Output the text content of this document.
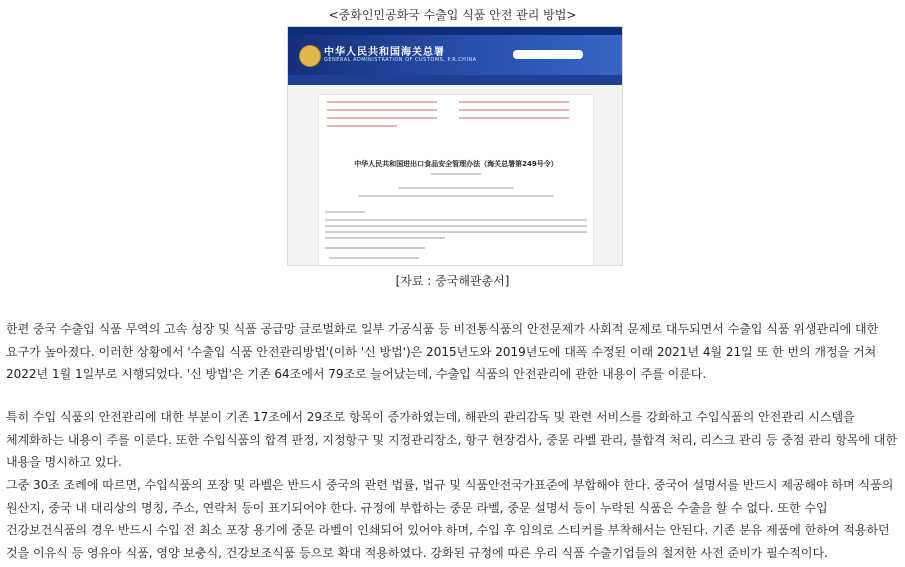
<중화인민공화국 수출입 식품 안전 관리 방법>
中华人民共和国海关总署
GENERAL ADMINISTRATION OF CUSTOMS, P.R.CHINA
中华人民共和国进出口食品安全管理办法（海关总署第249号令）
[자료 : 중국해관총서]

한편 중국 수출입 식품 무역의 고속 성장 및 식품 공급망 글로벌화로 일부 가공식품 등 비전통식품의 안전문제가 사회적 문제로 대두되면서 수출입 식품 위생관리에 대한 요구가 높아졌다. 이러한 상황에서 '수출입 식품 안전관리방법'(이하 '신 방법')은 2015년도와 2019년도에 대폭 수정된 이래 2021년 4월 21일 또 한 번의 개정을 거쳐 2022년 1월 1일부로 시행되었다. '신 방법'은 기존 64조에서 79조로 늘어났는데, 수출입 식품의 안전관리에 관한 내용이 주를 이룬다.

특히 수입 식품의 안전관리에 대한 부분이 기존 17조에서 29조로 항목이 증가하였는데, 해관의 관리감독 및 관련 서비스를 강화하고 수입식품의 안전관리 시스템을 체계화하는 내용이 주를 이룬다. 또한 수입식품의 합격 판정, 지정항구 및 지정관리장소, 항구 현장검사, 중문 라벨 관리, 불합격 처리, 리스크 관리 등 중점 관리 항목에 대한 내용을 명시하고 있다.

그중 30조 조례에 따르면, 수입식품의 포장 및 라벨은 반드시 중국의 관련 법률, 법규 및 식품안전국가표준에 부합해야 한다. 중국어 설명서를 반드시 제공해야 하며 식품의 원산지, 중국 내 대리상의 명칭, 주소, 연락처 등이 표기되어야 한다. 규정에 부합하는 중문 라벨, 중문 설명서 등이 누락된 식품은 수출을 할 수 없다. 또한 수입 건강보건식품의 경우 반드시 수입 전 최소 포장 용기에 중문 라벨이 인쇄되어 있어야 하며, 수입 후 임의로 스티커를 부착해서는 안된다. 기존 분유 제품에 한하여 적용하던 것을 이유식 등 영유아 식품, 영양 보충식, 건강보조식품 등으로 확대 적용하였다. 강화된 규정에 따른 우리 식품 수출기업들의 철저한 사전 준비가 필수적이다.
